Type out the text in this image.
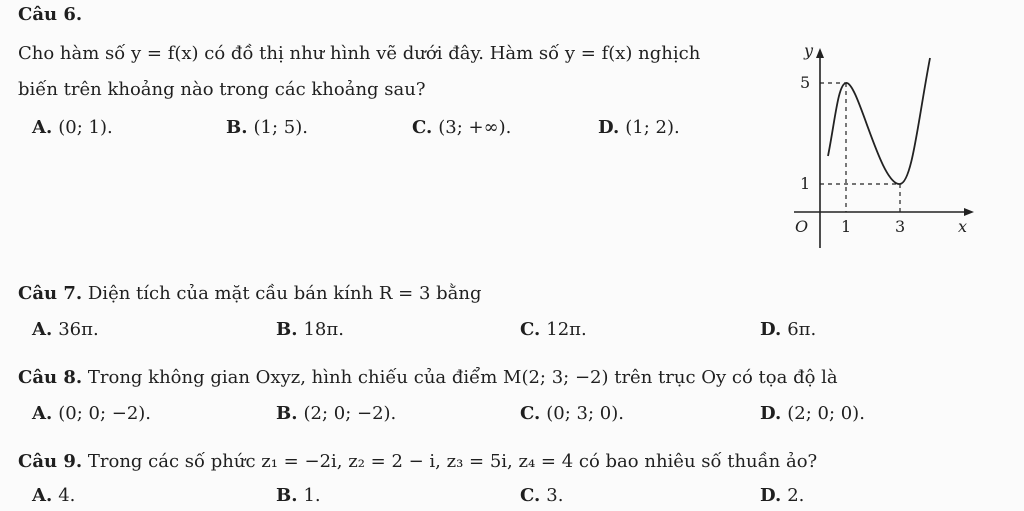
Câu 6.
Cho hàm số y = f(x) có đồ thị như hình vẽ dưới đây. Hàm số y = f(x) nghịch
biến trên khoảng nào trong các khoảng sau?
A. (0; 1).	B. (1; 5).	C. (3; +∞).	D. (1; 2).
y
x
O
5
1
1	3
Câu 7. Diện tích của mặt cầu bán kính R = 3 bằng
A. 36π.	B. 18π.	C. 12π.	D. 6π.
Câu 8. Trong không gian Oxyz, hình chiếu của điểm M(2; 3; −2) trên trục Oy có tọa độ là
A. (0; 0; −2).	B. (2; 0; −2).	C. (0; 3; 0).	D. (2; 0; 0).
Câu 9. Trong các số phức z₁ = −2i, z₂ = 2 − i, z₃ = 5i, z₄ = 4 có bao nhiêu số thuần ảo?
A. 4.	B. 1.	C. 3.	D. 2.
